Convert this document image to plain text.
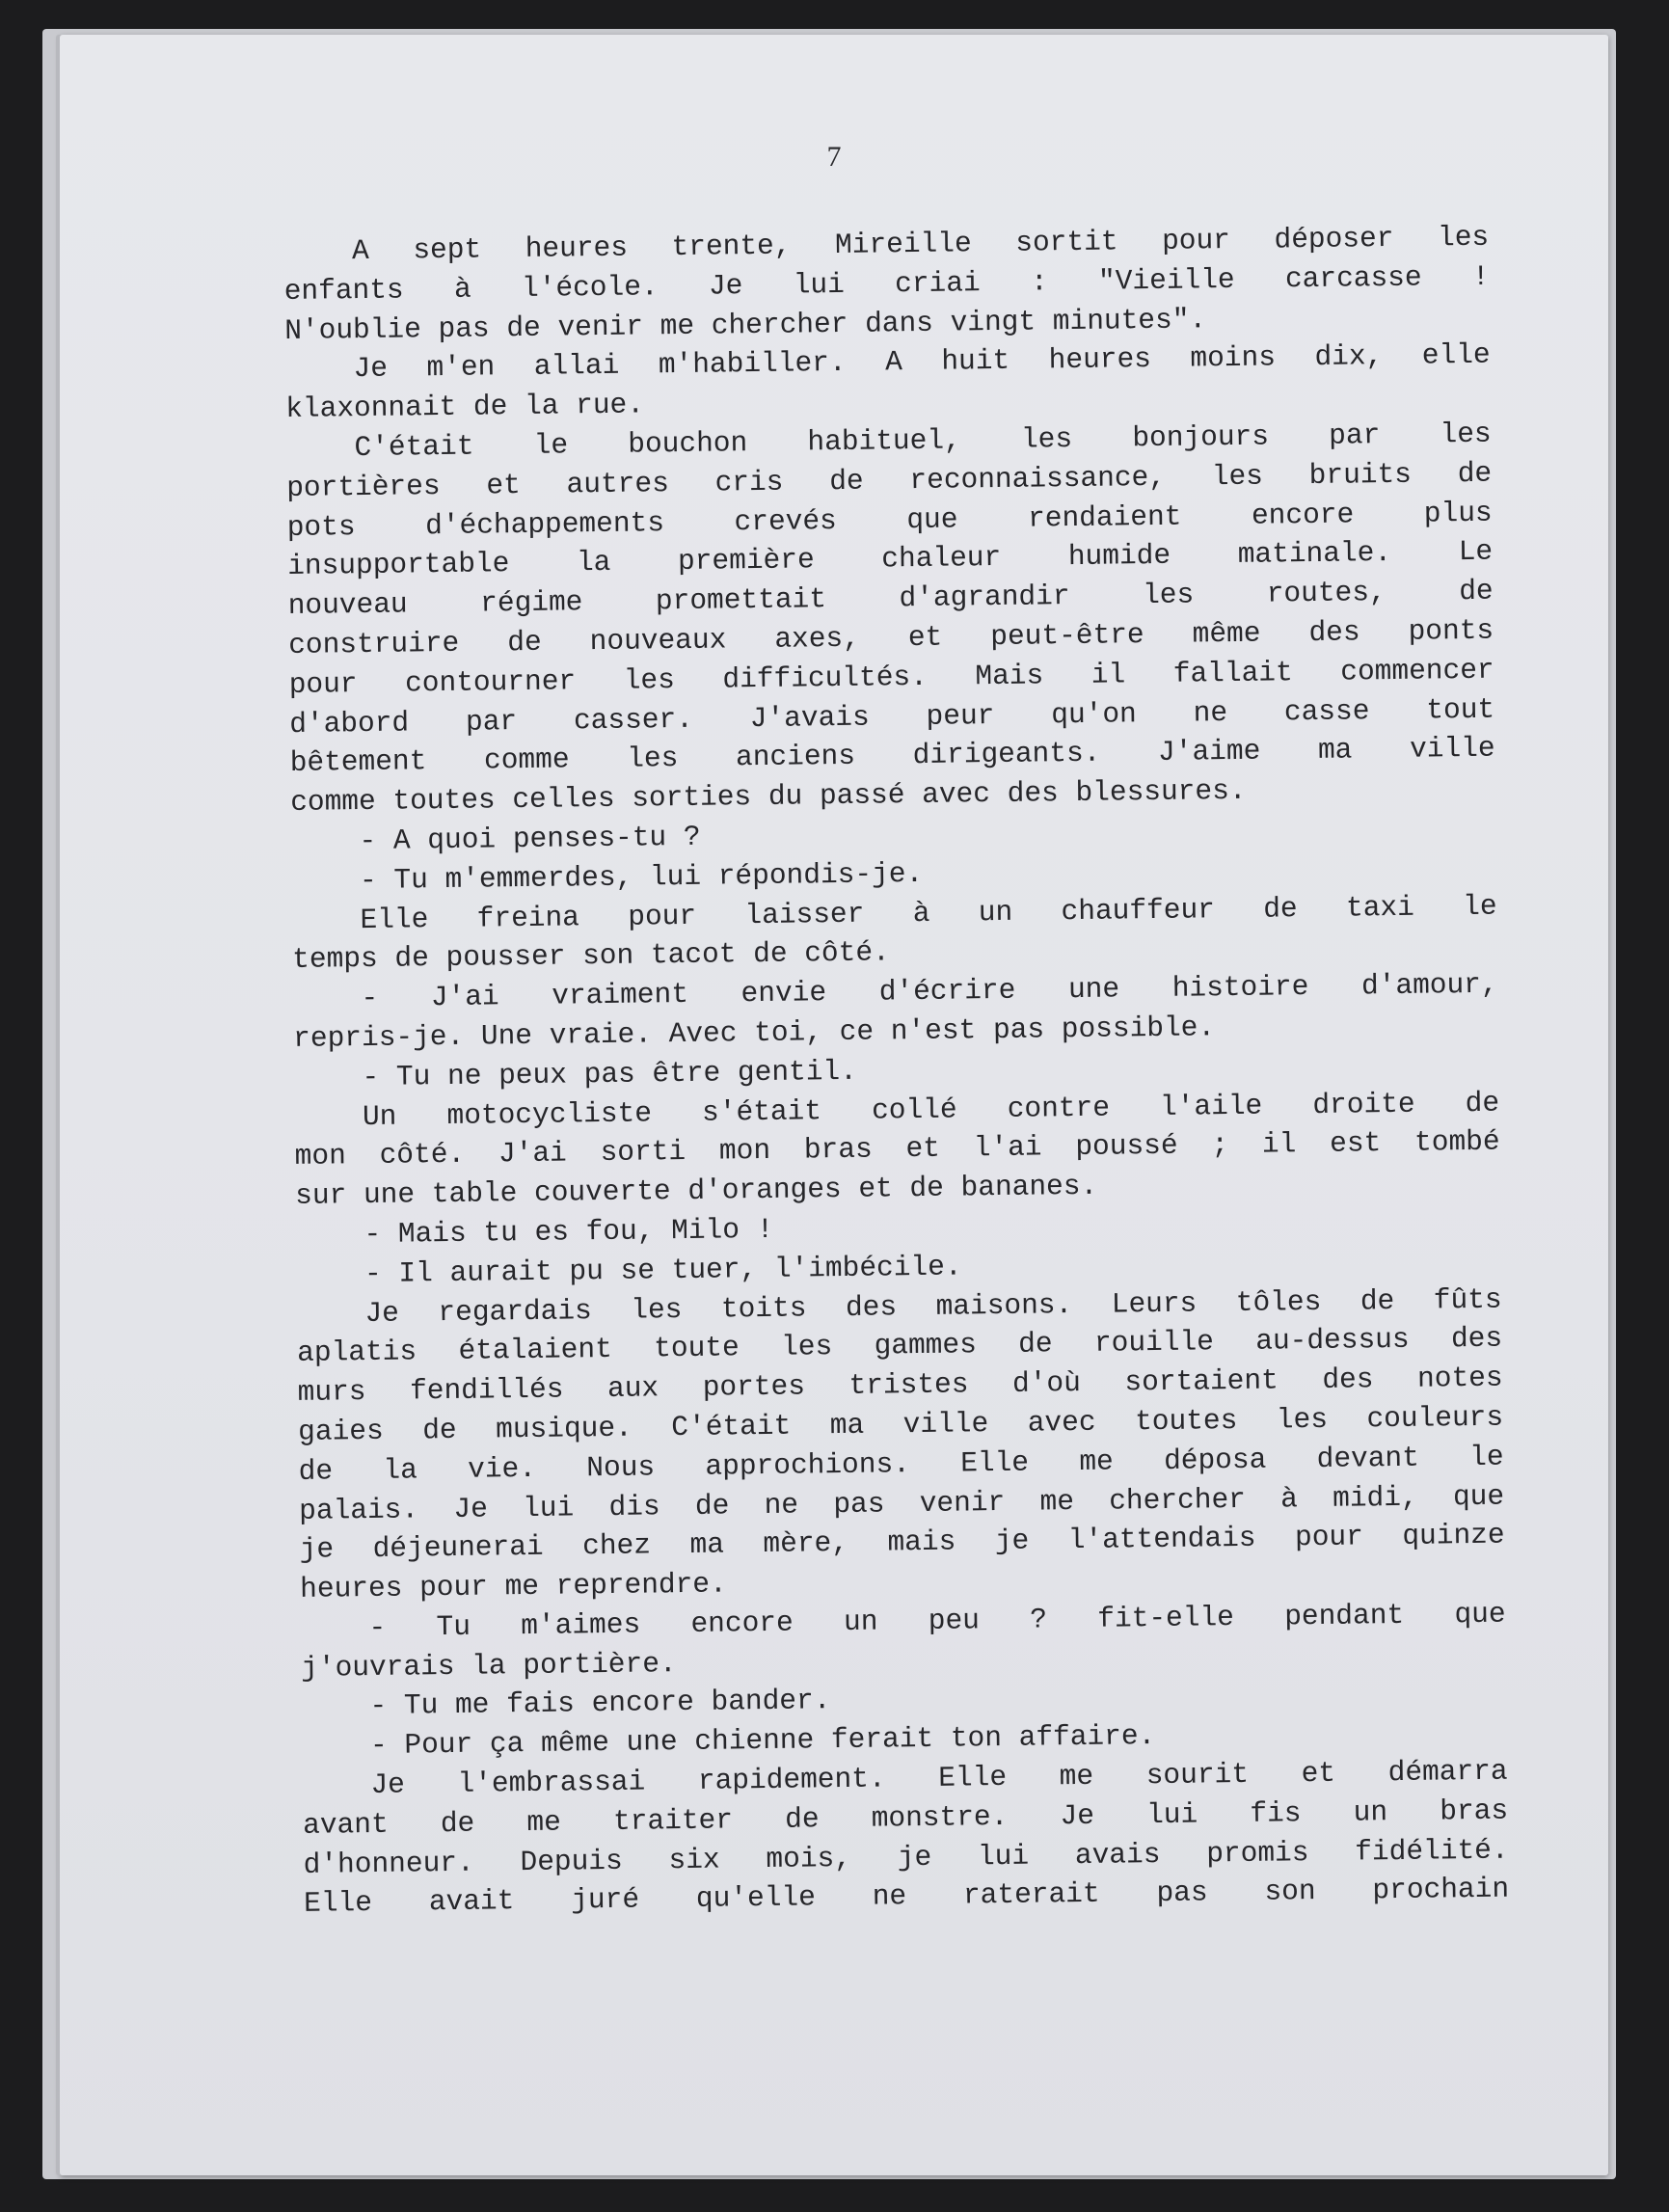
7
A sept heures trente, Mireille sortit pour déposer les
enfants à l'école. Je lui criai : "Vieille carcasse !
N'oublie pas de venir me chercher dans vingt minutes".
Je m'en allai m'habiller. A huit heures moins dix, elle
klaxonnait de la rue.
C'était le bouchon habituel, les bonjours par les
portières et autres cris de reconnaissance, les bruits de
pots d'échappements crevés que rendaient encore plus
insupportable la première chaleur humide matinale. Le
nouveau régime promettait d'agrandir les routes, de
construire de nouveaux axes, et peut-être même des ponts
pour contourner les difficultés. Mais il fallait commencer
d'abord par casser. J'avais peur qu'on ne casse tout
bêtement comme les anciens dirigeants. J'aime ma ville
comme toutes celles sorties du passé avec des blessures.
- A quoi penses-tu ?
- Tu m'emmerdes, lui répondis-je.
Elle freina pour laisser à un chauffeur de taxi le
temps de pousser son tacot de côté.
- J'ai vraiment envie d'écrire une histoire d'amour,
repris-je. Une vraie. Avec toi, ce n'est pas possible.
- Tu ne peux pas être gentil.
Un motocycliste s'était collé contre l'aile droite de
mon côté. J'ai sorti mon bras et l'ai poussé ; il est tombé
sur une table couverte d'oranges et de bananes.
- Mais tu es fou, Milo !
- Il aurait pu se tuer, l'imbécile.
Je regardais les toits des maisons. Leurs tôles de fûts
aplatis étalaient toute les gammes de rouille au-dessus des
murs fendillés aux portes tristes d'où sortaient des notes
gaies de musique. C'était ma ville avec toutes les couleurs
de la vie. Nous approchions. Elle me déposa devant le
palais. Je lui dis de ne pas venir me chercher à midi, que
je déjeunerai chez ma mère, mais je l'attendais pour quinze
heures pour me reprendre.
- Tu m'aimes encore un peu ? fit-elle pendant que
j'ouvrais la portière.
- Tu me fais encore bander.
- Pour ça même une chienne ferait ton affaire.
Je l'embrassai rapidement. Elle me sourit et démarra
avant de me traiter de monstre. Je lui fis un bras
d'honneur. Depuis six mois, je lui avais promis fidélité.
Elle avait juré qu'elle ne raterait pas son prochain
